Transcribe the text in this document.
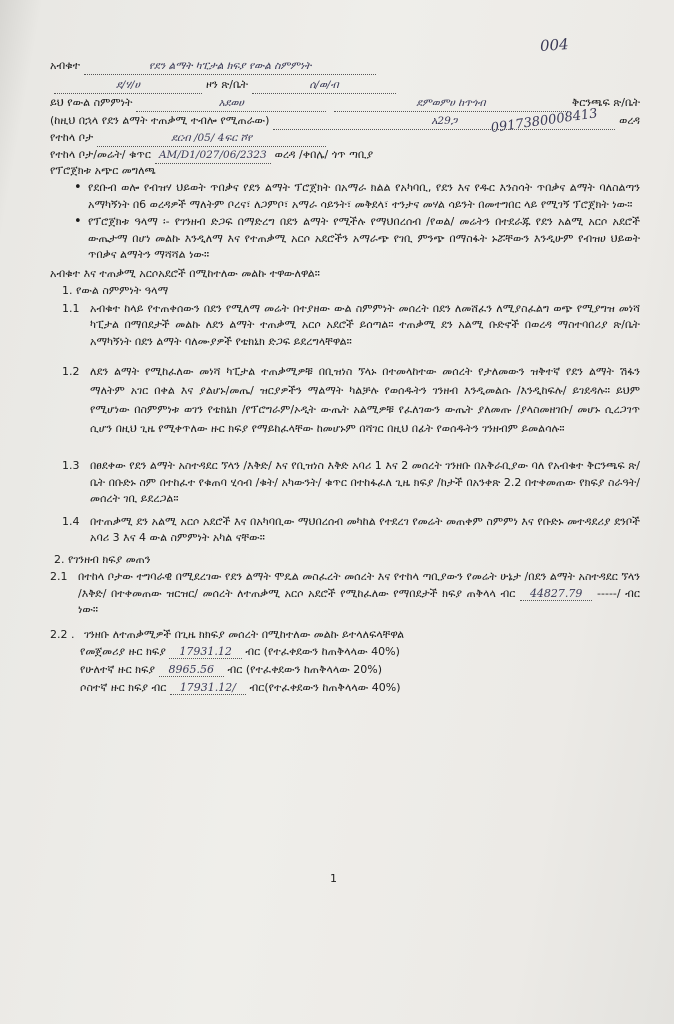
004
አብቁተ	የደን ልማት ካፒታል ክፍያ የውል ስምምነት
ደ/ሃ/ሀ	ዞን ጽ/ቤት	ሰ/ወ/ብ
ይህ የውል ስምምነት	አደወሀ	ደምወምሀ ከጥጎብ	ቅርንጫፍ ጽ/ቤት
(ከዚህ በኋላ የደን ልማት ተጠቃሚ ተብሎ የሚጠራው)	አ29ጋ	ወረዳ
የተከላ ቦታ	ደርብ /05/ 4ፍር ሾየ
የተከላ ቦታ/መሬት/ ቁጥር AM/D1/027/06/2323 ወረዳ /ቀበሌ/ ጎጥ ጣቢያ
0917380008413
የፕሮጀክቱ አጭር መግለጫ
• የደቡብ ወሎ የብዝሃ ህይወት ጥበቃና የደን ልማት ፕሮጀክት በአማራ ክልል የአካባቢ, የደን እና የዱር እንስሳት ጥበቃና ልማት ባለስልጣን አማካኝነት በ6 ወረዳዎች ማለትም ቦረና፣ ለጋምቦ፣ አማራ ሳይንት፣ መቅደላ፣ ተንታና መሃል ሳይንት በመተግበር ላይ የሚገኝ ፕሮጀክት ነው።
• የፕሮጀክቱ ዓላማ ፡- የገንዘብ ድጋፍ በማድረግ በደን ልማት የሚችሉ የማህበረሰብ /የወል/ መሬትን በተደራጁ የደን አልሚ አርሶ አደሮች ውጤታማ በሆነ መልኩ እንዲለማ እና የተጠቃሚ አርሶ አደሮችን አማራጭ የገቢ ምንጭ በማስፋት ኑሯቸውን እንዲሁም የብዝሀ ህይወት ጥበቃና ልማትን ማሻሻል ነው።
አብቁተ እና ተጠቃሚ አርሶአደሮች በሚከተለው መልኩ ተዋውለዋል።
1. የውል ስምምነት ዓላማ
1.1 አብቁተ ከላይ የተጠቀሰውን በደን የሚለማ መሬት በተያዘው ውል ስምምነት መሰረት በደን ለመሸፈን ለሚያስፈልግ ወጭ የሚያግዝ መነሻ ካፒታል በማበደታች መልኩ ለደን ልማት ተጠቃሚ አርሶ አደሮች ይሰጣል። ተጠቃሚ ደን አልሚ ቡድኖች በወረዳ ማስተባበሪያ ጽ/ቤት አማካኝነት በደን ልማት ባለሙያዎች የቴክኒክ ድጋፍ ይደረግላቸዋል።
1.2 ለደን ልማት የሚከፈለው መነሻ ካፒታል ተጠቃሚዎቹ በቢዝነስ ኘላኑ በተመላከተው መሰረት የታለመውን ዝቅተኛ የደን ልማት ሽፋን ማለትም አገር በቀል እና ያልሆኑ/መጤ/ ዝርያዎችን ማልማት ካልቻሉ የወሰዱትን ገንዘብ እንዲመልሱ /እንዲከፍሉ/ ይገደዳሉ። ይህም የሚሆነው በስምምነቱ ወገን የቴክኒክ /የፕሮግራም/ኦዲት ውጤት አልሚዎቹ የፈለገውን ውጤት ያለመጡ /ያላስመዘገቡ/ መሆኑ ሲረጋገጥ ሲሆን በዚህ ጊዜ የሚቀጥለው ዙር ክፍያ የማይከፈላቸው ከመሆኑም በሻገር በዚህ በፊት የወሰዱትን ገንዘብም ይመልሳሉ።
1.3 በፀደቀው የደን ልማት አስተዳደር ኘላን /እቅድ/ እና የቢዝነስ እቅድ አባሪ 1 እና 2 መሰረት ገንዘቡ በአቅራቢያው ባለ የአብቁተ ቅርንጫፍ ጽ/ቤት በቡድኑ ስም በተከፈተ የቁጠባ ሂሳብ /ቁት/ አካውንት/ ቁጥር በተከፋፈለ ጊዜ ክፍያ /ከታች በአንቀጽ 2.2 በተቀመጠው የክፍያ ስራዓት/ መሰረት ገቢ ይደረጋል።
1.4 በተጠቃሚ ደን አልሚ አርሶ አደሮች እና በአካባቢው ማህበረሰብ መካከል የተደረገ የመሬት መጠቀም ስምምነ እና የቡድኑ መተዳደሪያ ደንቦች አባሪ 3 እና 4 ውል ስምምነት አካል ናቸው።
2. የገንዘብ ክፍያ መጠን
2.1 በተከላ ቦታው ተግባራዊ በሚደረገው የደን ልማት ሞዴል መስፈረት መሰረት እና የተከላ ጣቢያውን የመሬት ሁኔታ /በደን ልማት አስተዳደር ኘላን /እቅድ/ በተቀመጠው ዝርዝር/ መሰረት ለተጠቃሚ አርሶ አደሮች የሚከፈለው የማበደታች ክፍያ ጠቅላላ ብር 44827.79 -----/ ብር ነው።
2.2 . ገንዘቡ ለተጠቃሚዎች በጊዜ ክክፍያ መሰረት በሚከተለው መልኩ ይተላለፍላቸዋል
የመጀመሪያ ዙር ክፍያ 17931.12 ብር (የተፈቀደውን ከጠቅላላው 40%)
የሁለተኛ ዙር ክፍያ 8965.56 ብር (የተፈቀደውን ከጠቅላላው 20%)
ሶስተኛ ዙር ክፍያ ብር 17931.12/ ብር(የተፈቀደውን ከጠቅላላው 40%)
1
